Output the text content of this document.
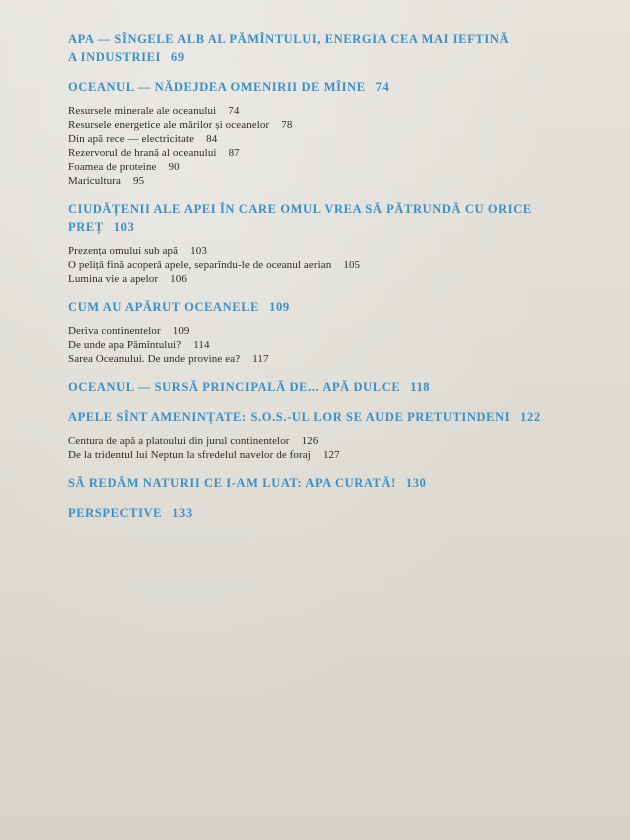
APA — SÎNGELE ALB AL PĂMÎNTULUI, ENERGIA CEA MAI IEFTINĂ
A INDUSTRIEI 69
OCEANUL — NĂDEJDEA OMENIRII DE MÎINE 74
Resursele minerale ale oceanului 74
Resursele energetice ale mărilor și oceanelor 78
Din apă rece — electricitate 84
Rezervorul de hrană al oceanului 87
Foamea de proteine 90
Maricultura 95
CIUDĂȚENII ALE APEI ÎN CARE OMUL VREA SĂ PĂTRUNDĂ CU ORICE
PREȚ 103
Prezența omului sub apă 103
O peliță fină acoperă apele, separîndu-le de oceanul aerian 105
Lumina vie a apelor 106
CUM AU APĂRUT OCEANELE 109
Deriva continentelor 109
De unde apa Pămîntului? 114
Sarea Oceanului. De unde provine ea? 117
OCEANUL — SURSĂ PRINCIPALĂ DE... APĂ DULCE 118
APELE SÎNT AMENINȚATE: S.O.S.-UL LOR SE AUDE PRETUTINDENI 122
Centura de apă a platoului din jurul continentelor 126
De la tridentul lui Neptun la sfredelul navelor de foraj 127
SĂ REDĂM NATURII CE I-AM LUAT: APA CURATĂ! 130
PERSPECTIVE 133
